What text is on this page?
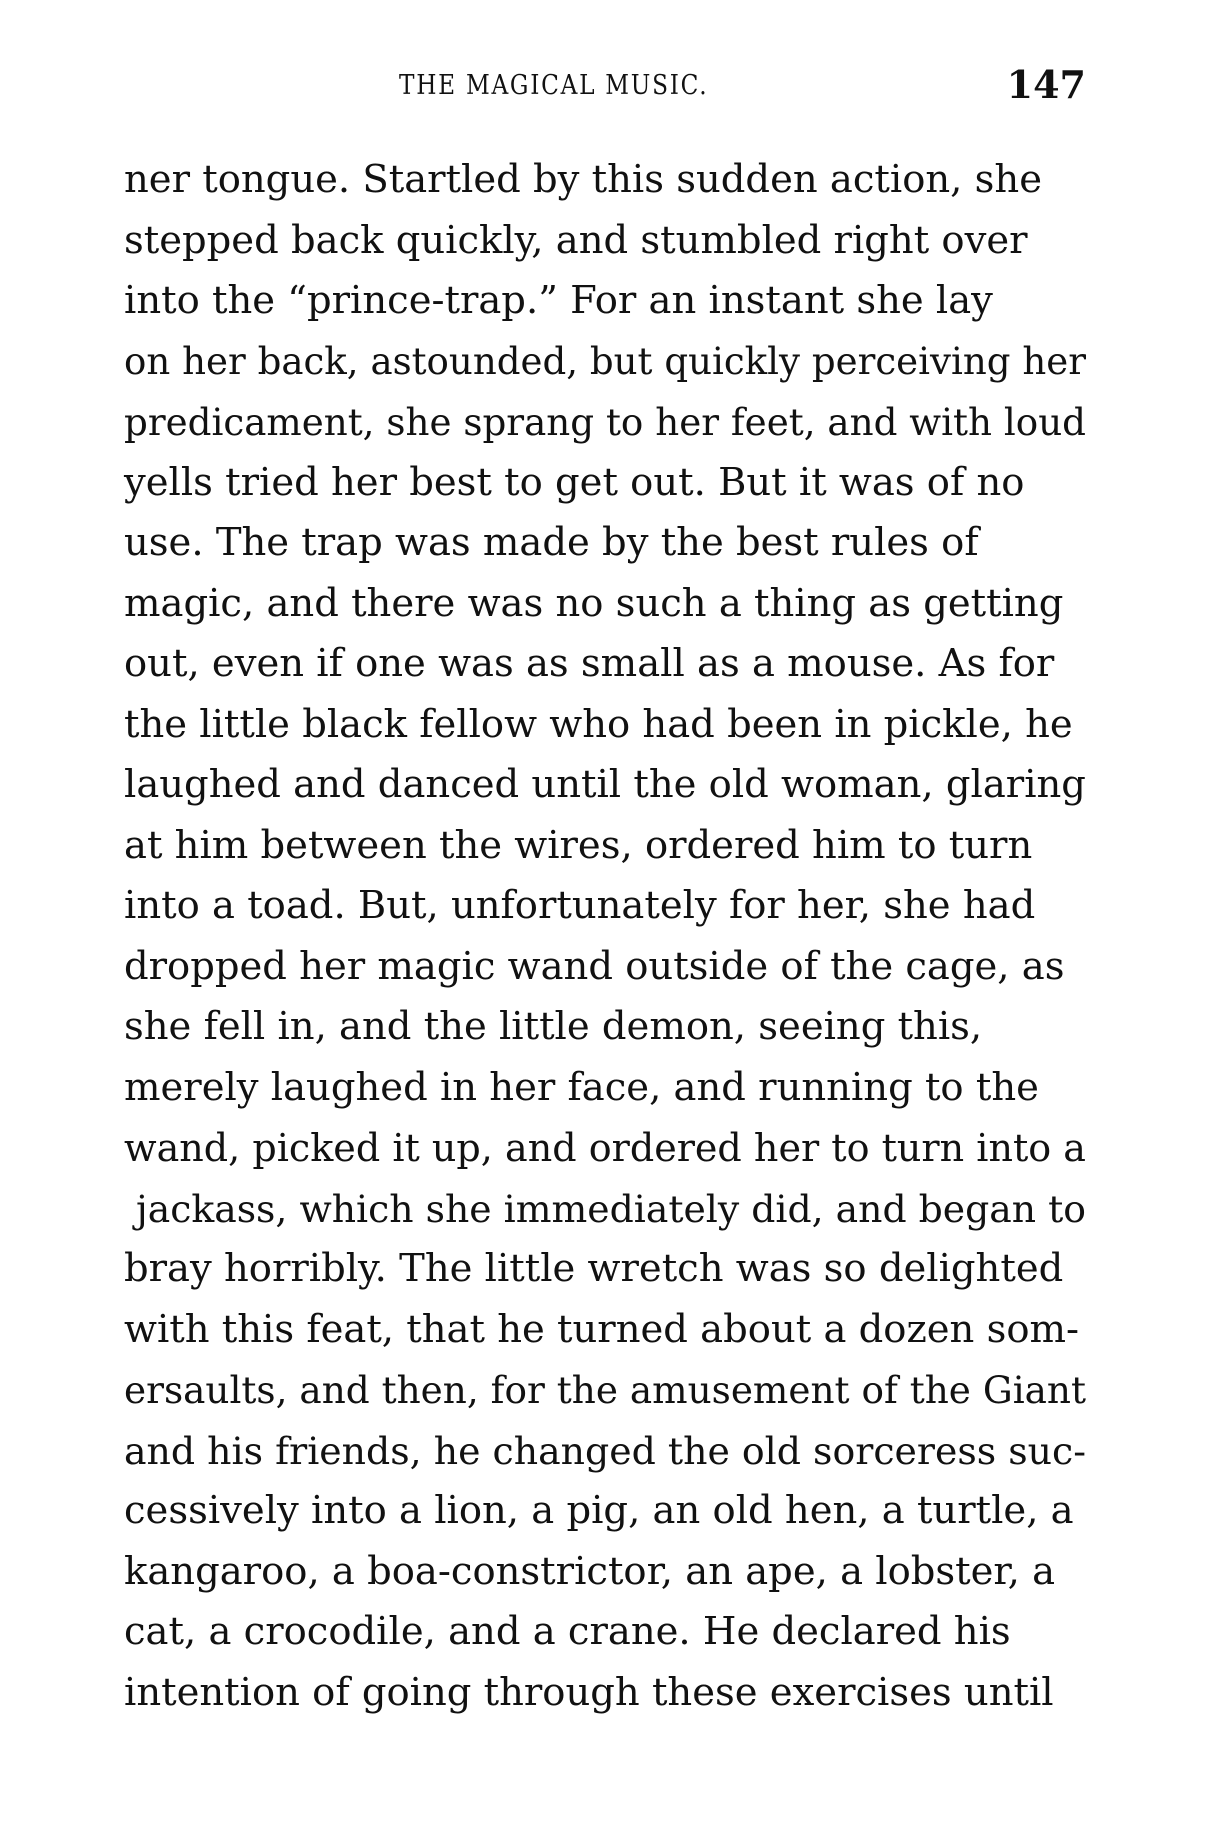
THE MAGICAL MUSIC.	147
ner tongue. Startled by this sudden action, she
stepped back quickly, and stumbled right over
into the “prince-trap.” For an instant she lay
on her back, astounded, but quickly perceiving her
predicament, she sprang to her feet, and with loud
yells tried her best to get out. But it was of no
use. The trap was made by the best rules of
magic, and there was no such a thing as getting
out, even if one was as small as a mouse. As for
the little black fellow who had been in pickle, he
laughed and danced until the old woman, glaring
at him between the wires, ordered him to turn
into a toad. But, unfortunately for her, she had
dropped her magic wand outside of the cage, as
she fell in, and the little demon, seeing this,
merely laughed in her face, and running to the
wand, picked it up, and ordered her to turn into a
jackass, which she immediately did, and began to
bray horribly. The little wretch was so delighted
with this feat, that he turned about a dozen som-
ersaults, and then, for the amusement of the Giant
and his friends, he changed the old sorceress suc-
cessively into a lion, a pig, an old hen, a turtle, a
kangaroo, a boa-constrictor, an ape, a lobster, a
cat, a crocodile, and a crane. He declared his
intention of going through these exercises until
